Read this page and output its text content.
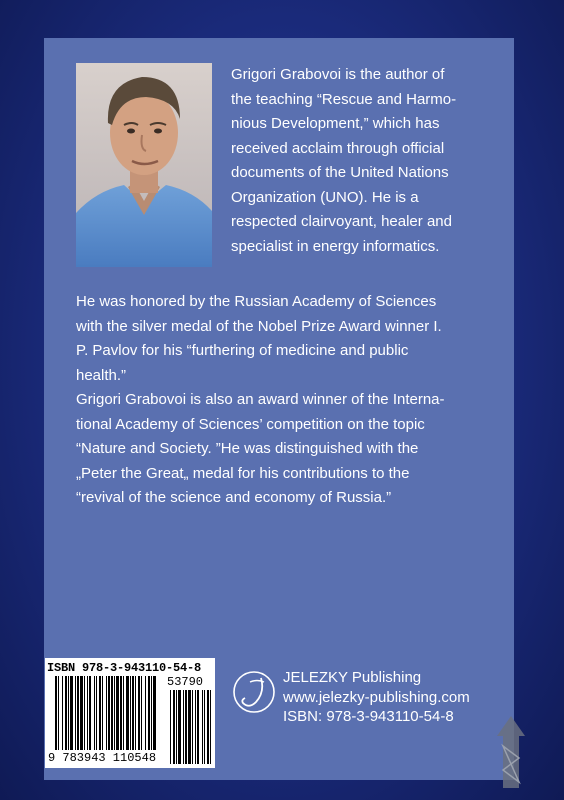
Grigori Grabovoi is the author of
the teaching “Rescue and Harmo-
nious Development,” which has
received acclaim through official
documents of the United Nations
Organization (UNO). He is a
respected clairvoyant, healer and
specialist in energy informatics.

He was honored by the Russian Academy of Sciences
with the silver medal of the Nobel Prize Award winner I.
P. Pavlov for his “furthering of medicine and public
health.”
Grigori Grabovoi is also an award winner of the Interna-
tional Academy of Sciences’ competition on the topic
“Nature and Society. ”He was distinguished with the
„Peter the Great„ medal for his contributions to the
“revival of the science and economy of Russia.”

ISBN 978-3-943110-54-8
53790
9 783943 110548
JELEZKY Publishing
www.jelezky-publishing.com
ISBN: 978-3-943110-54-8
